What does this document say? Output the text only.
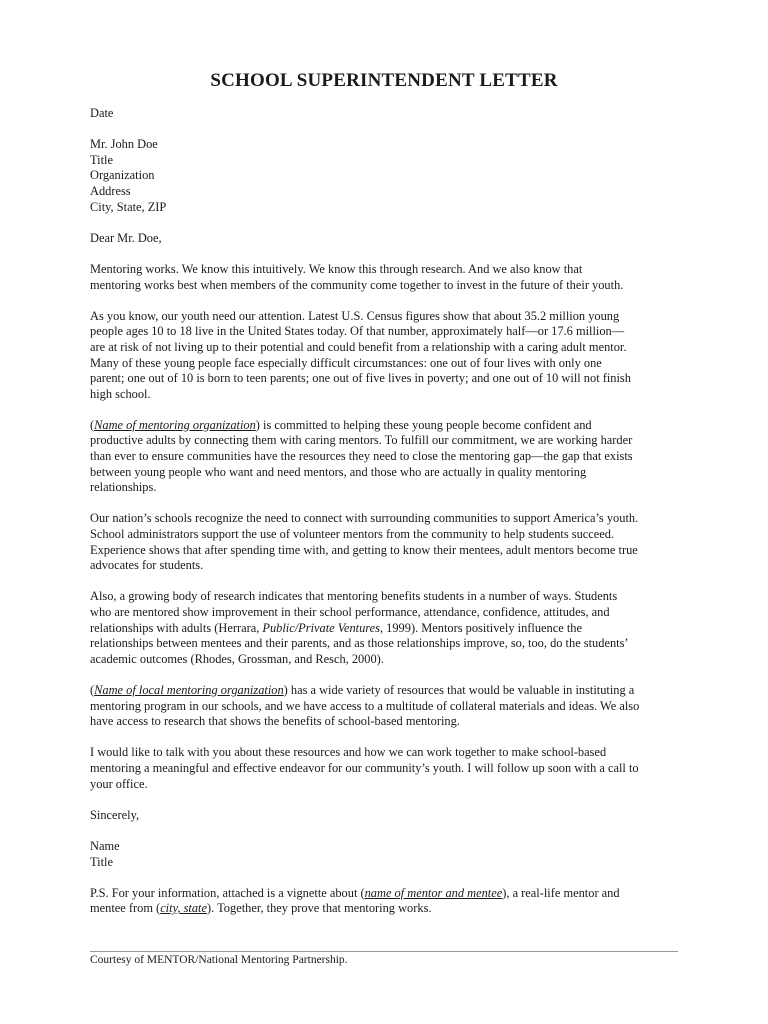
SCHOOL SUPERINTENDENT LETTER

Date

Mr. John Doe
Title
Organization
Address
City, State, ZIP

Dear Mr. Doe,

Mentoring works. We know this intuitively. We know this through research. And we also know that
mentoring works best when members of the community come together to invest in the future of their youth.

As you know, our youth need our attention. Latest U.S. Census figures show that about 35.2 million young
people ages 10 to 18 live in the United States today. Of that number, approximately half—or 17.6 million—
are at risk of not living up to their potential and could benefit from a relationship with a caring adult mentor.
Many of these young people face especially difficult circumstances: one out of four lives with only one
parent; one out of 10 is born to teen parents; one out of five lives in poverty; and one out of 10 will not finish
high school.

(Name of mentoring organization) is committed to helping these young people become confident and
productive adults by connecting them with caring mentors. To fulfill our commitment, we are working harder
than ever to ensure communities have the resources they need to close the mentoring gap—the gap that exists
between young people who want and need mentors, and those who are actually in quality mentoring
relationships.

Our nation’s schools recognize the need to connect with surrounding communities to support America’s youth.
School administrators support the use of volunteer mentors from the community to help students succeed.
Experience shows that after spending time with, and getting to know their mentees, adult mentors become true
advocates for students.

Also, a growing body of research indicates that mentoring benefits students in a number of ways. Students
who are mentored show improvement in their school performance, attendance, confidence, attitudes, and
relationships with adults (Herrara, Public/Private Ventures, 1999). Mentors positively influence the
relationships between mentees and their parents, and as those relationships improve, so, too, do the students’
academic outcomes (Rhodes, Grossman, and Resch, 2000).

(Name of local mentoring organization) has a wide variety of resources that would be valuable in instituting a
mentoring program in our schools, and we have access to a multitude of collateral materials and ideas. We also
have access to research that shows the benefits of school-based mentoring.

I would like to talk with you about these resources and how we can work together to make school-based
mentoring a meaningful and effective endeavor for our community’s youth. I will follow up soon with a call to
your office.

Sincerely,

Name
Title

P.S. For your information, attached is a vignette about (name of mentor and mentee), a real-life mentor and
mentee from (city, state). Together, they prove that mentoring works.

Courtesy of MENTOR/National Mentoring Partnership.
